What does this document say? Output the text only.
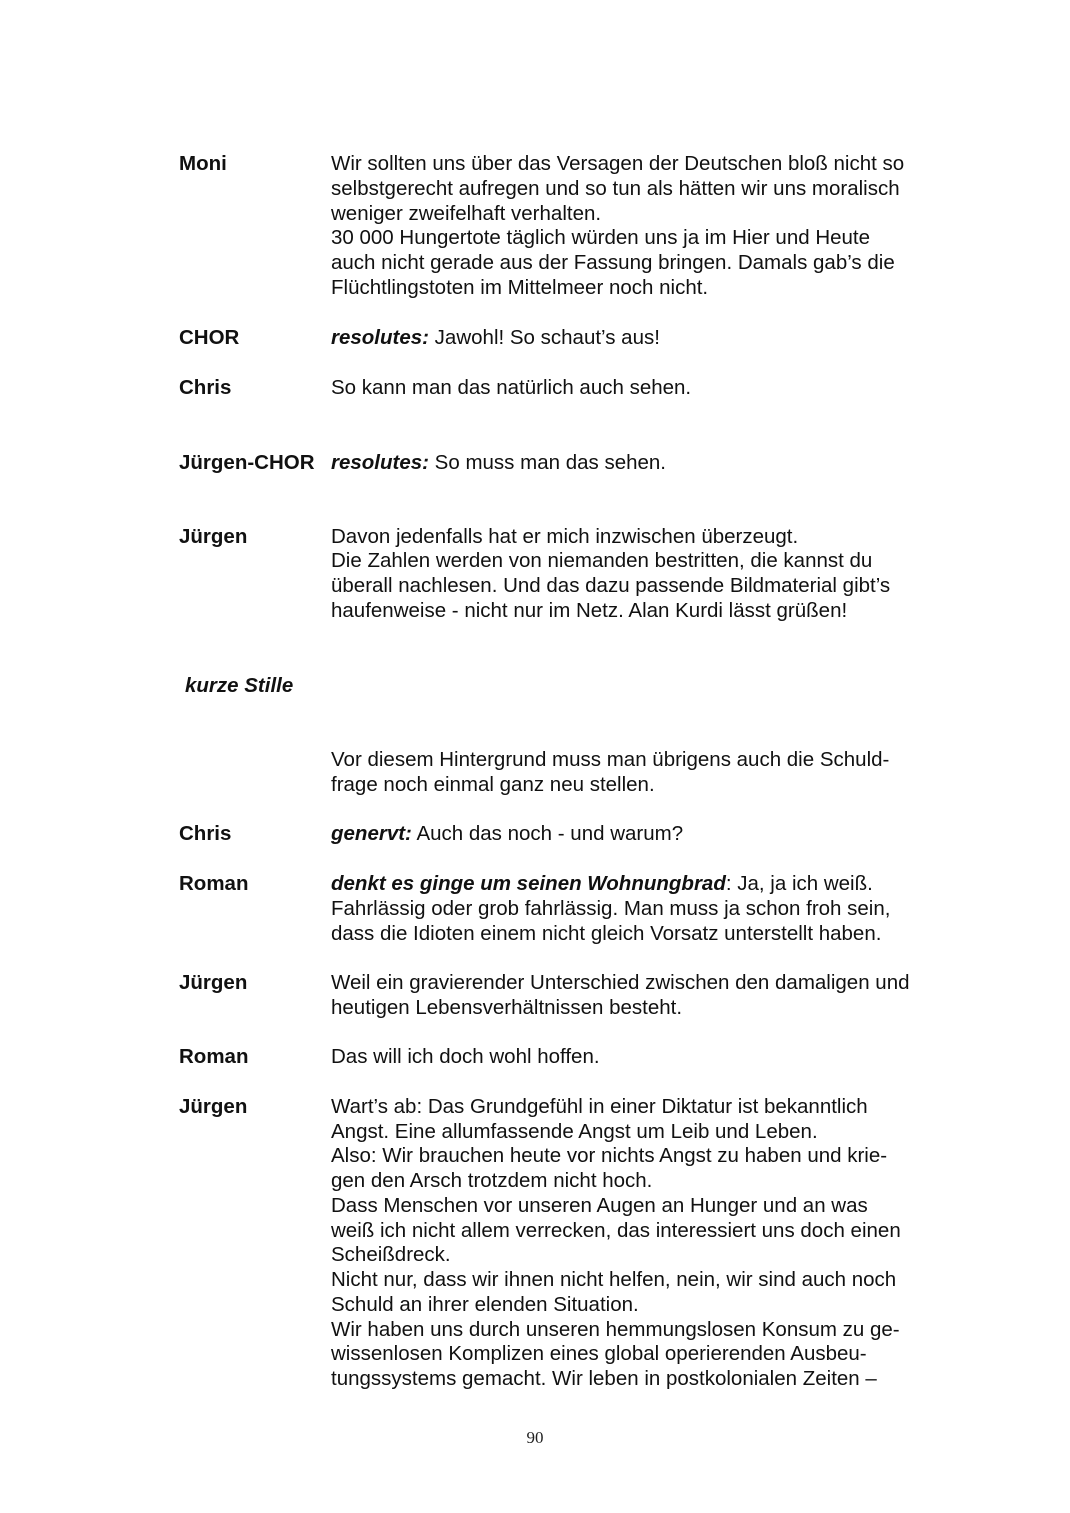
Moni	Wir sollten uns über das Versagen der Deutschen bloß nicht so
selbstgerecht aufregen und so tun als hätten wir uns moralisch
weniger zweifelhaft verhalten.
30 000 Hungertote täglich würden uns ja im Hier und Heute
auch nicht gerade aus der Fassung bringen. Damals gab’s die
Flüchtlingstoten im Mittelmeer noch nicht.
CHOR	resolutes: Jawohl! So schaut’s aus!
Chris	So kann man das natürlich auch sehen.
Jürgen-CHOR resolutes: So muss man das sehen.
Jürgen	Davon jedenfalls hat er mich inzwischen überzeugt.
Die Zahlen werden von niemanden bestritten, die kannst du
überall nachlesen. Und das dazu passende Bildmaterial gibt’s
haufenweise - nicht nur im Netz. Alan Kurdi lässt grüßen!
kurze Stille
Vor diesem Hintergrund muss man übrigens auch die Schuld-
frage noch einmal ganz neu stellen.
Chris	genervt: Auch das noch - und warum?
Roman	denkt es ginge um seinen Wohnungbrad: Ja, ja ich weiß.
Fahrlässig oder grob fahrlässig. Man muss ja schon froh sein,
dass die Idioten einem nicht gleich Vorsatz unterstellt haben.
Jürgen	Weil ein gravierender Unterschied zwischen den damaligen und
heutigen Lebensverhältnissen besteht.
Roman	Das will ich doch wohl hoffen.
Jürgen	Wart’s ab: Das Grundgefühl in einer Diktatur ist bekanntlich
Angst. Eine allumfassende Angst um Leib und Leben.
Also: Wir brauchen heute vor nichts Angst zu haben und krie-
gen den Arsch trotzdem nicht hoch.
Dass Menschen vor unseren Augen an Hunger und an was
weiß ich nicht allem verrecken, das interessiert uns doch einen
Scheißdreck.
Nicht nur, dass wir ihnen nicht helfen, nein, wir sind auch noch
Schuld an ihrer elenden Situation.
Wir haben uns durch unseren hemmungslosen Konsum zu ge-
wissenlosen Komplizen eines global operierenden Ausbeu-
tungssystems gemacht. Wir leben in postkolonialen Zeiten –
90
